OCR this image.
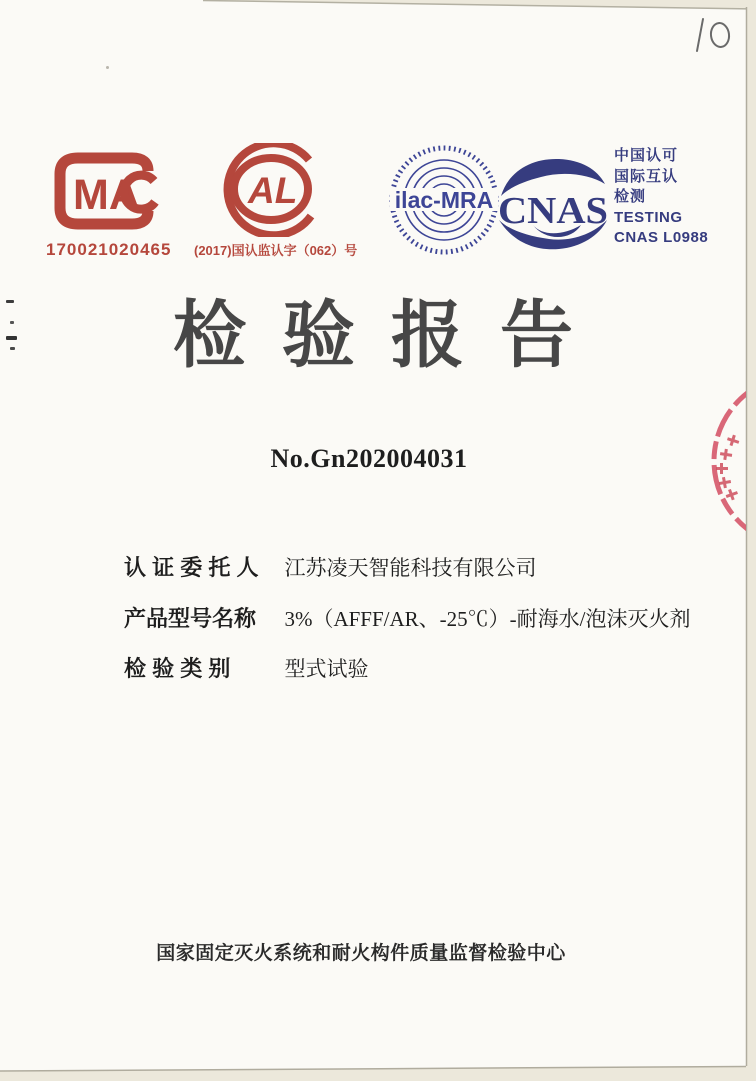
MA
170021020465
AL
(2017)国认监认字（062）号
ilac-MRA CNAS
中国认可
国际互认
检测
TESTING
CNAS L0988
检验报告
No.Gn202004031
认 证 委 托 人 江苏凌天智能科技有限公司
产品型号名称 3%（AFFF/AR、-25℃）-耐海水/泡沫灭火剂
检 验 类 别	型式试验
国家固定灭火系统和耐火构件质量监督检验中心
